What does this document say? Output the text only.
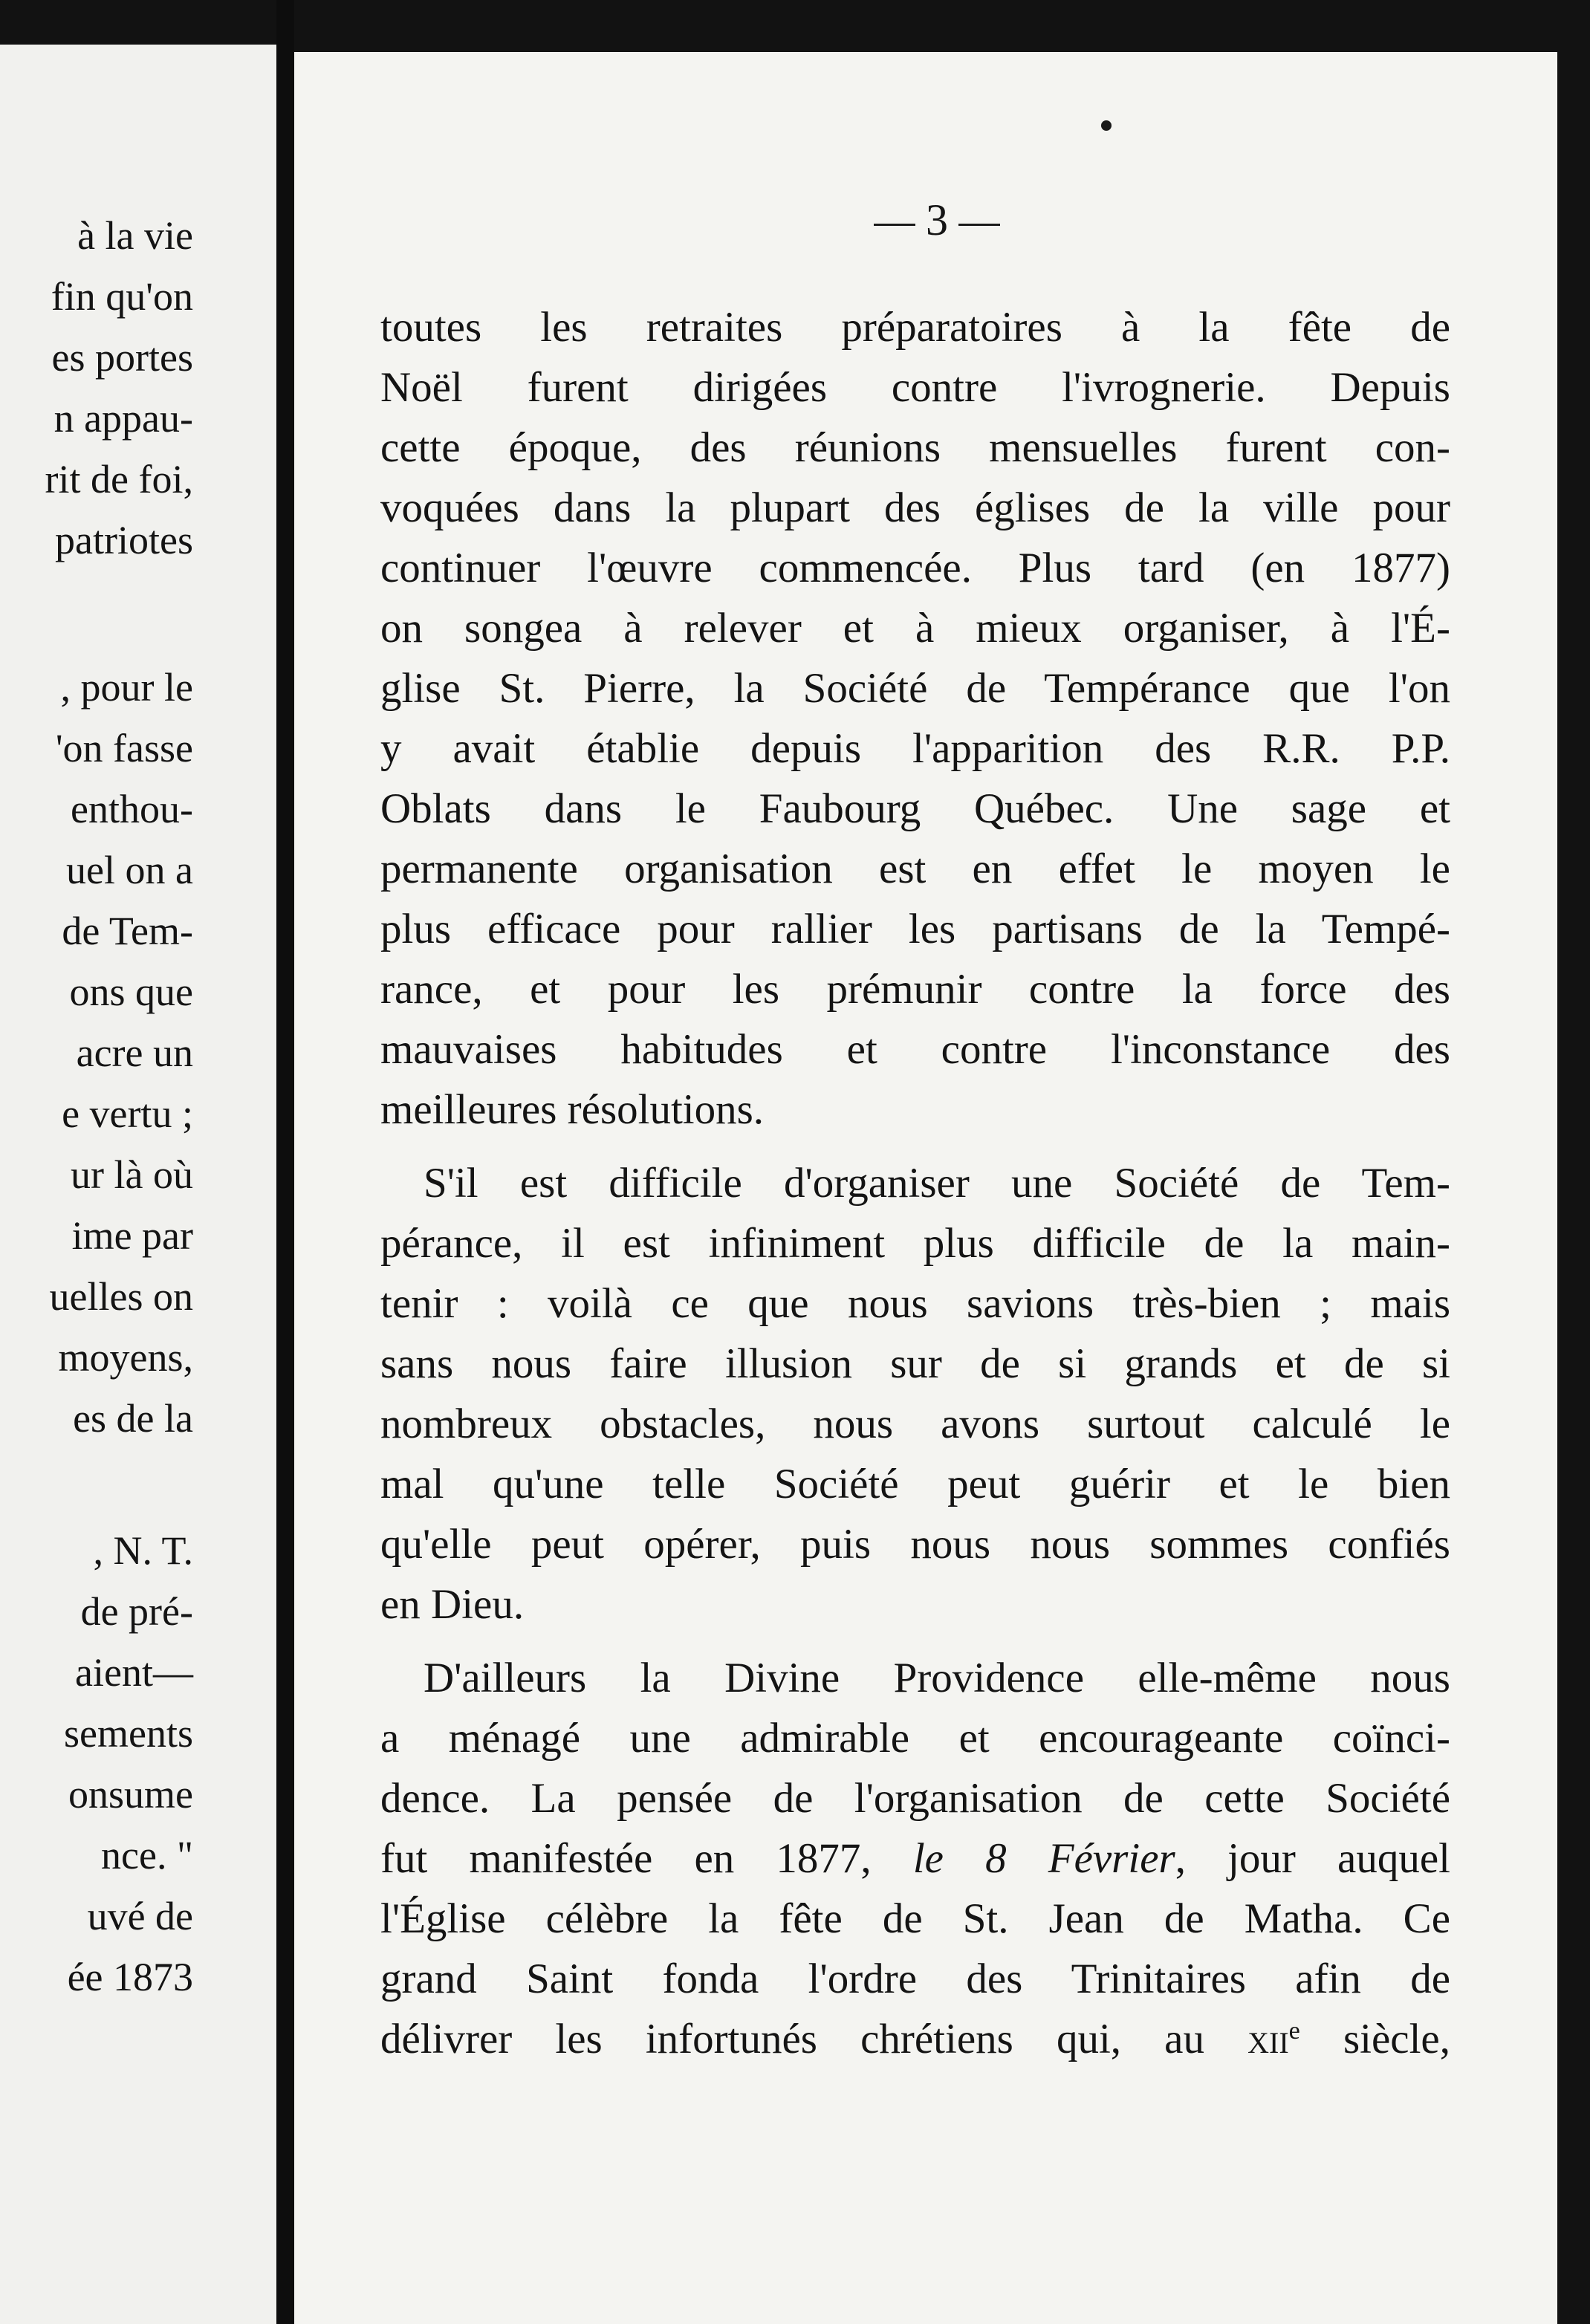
à la vie
fin qu'on
es portes
n appau-
rit de foi,
patriotes
, pour le
'on fasse
enthou-
uel on a
de Tem-
ons que
acre un
e vertu ;
ur là où
ime par
uelles on
moyens,
es de la
, N. T.
de pré-
aient—
sements
onsume
nce. "
uvé de
ée 1873
3
toutes les retraites préparatoires à la fête de
Noël furent dirigées contre l'ivrognerie. Depuis
cette époque, des réunions mensuelles furent con-
voquées dans la plupart des églises de la ville pour
continuer l'œuvre commencée. Plus tard (en 1877)
on songea à relever et à mieux organiser, à l'É-
glise St. Pierre, la Société de Tempérance que l'on
y avait établie depuis l'apparition des R.R. P.P.
Oblats dans le Faubourg Québec. Une sage et
permanente organisation est en effet le moyen le
plus efficace pour rallier les partisans de la Tempé-
rance, et pour les prémunir contre la force des
mauvaises habitudes et contre l'inconstance des
meilleures résolutions.
S'il est difficile d'organiser une Société de Tem-
pérance, il est infiniment plus difficile de la main-
tenir : voilà ce que nous savions très-bien ; mais
sans nous faire illusion sur de si grands et de si
nombreux obstacles, nous avons surtout calculé le
mal qu'une telle Société peut guérir et le bien
qu'elle peut opérer, puis nous nous sommes confiés
en Dieu.
D'ailleurs la Divine Providence elle-même nous
a ménagé une admirable et encourageante coïnci-
dence. La pensée de l'organisation de cette Société
fut manifestée en 1877, le 8 Février, jour auquel
l'Église célèbre la fête de St. Jean de Matha. Ce
grand Saint fonda l'ordre des Trinitaires afin de
délivrer les infortunés chrétiens qui, au xii$^e$ siècle,
